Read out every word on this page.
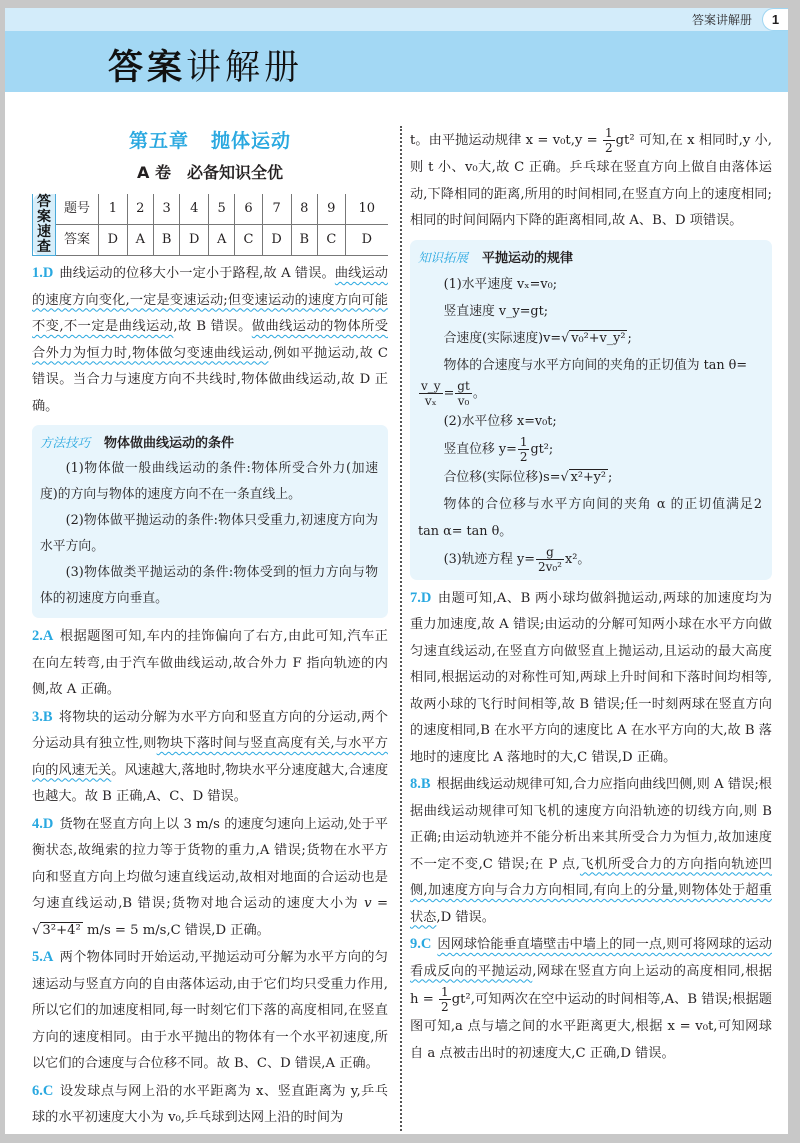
答案讲解册	1
答案讲解册
第五章 抛体运动
A 卷 必备知识全优
答案速查	题号	1	2	3	4	5	6	7	8	9	10
	答案	D	A	B	D	A	C	D	B	C	D

1.D 曲线运动的位移大小一定小于路程,故 A 错误。曲线运动的速度方向变化,一定是变速运动;但变速运动的速度方向可能不变,不一定是曲线运动,故 B 错误。做曲线运动的物体所受合外力为恒力时,物体做匀变速曲线运动,例如平抛运动,故 C 错误。当合力与速度方向不共线时,物体做曲线运动,故 D 正确。

方法技巧 物体做曲线运动的条件
(1)物体做一般曲线运动的条件:物体所受合外力(加速度)的方向与物体的速度方向不在一条直线上。
(2)物体做平抛运动的条件:物体只受重力,初速度方向为水平方向。
(3)物体做类平抛运动的条件:物体受到的恒力方向与物体的初速度方向垂直。

2.A 根据题图可知,车内的挂饰偏向了右方,由此可知,汽车正在向左转弯,由于汽车做曲线运动,故合外力 F 指向轨迹的内侧,故 A 正确。

3.B 将物块的运动分解为水平方向和竖直方向的分运动,两个分运动具有独立性,则物块下落时间与竖直高度有关,与水平方向的风速无关。风速越大,落地时,物块水平分速度越大,合速度也越大。故 B 正确,A、C、D 错误。

4.D 货物在竖直方向上以 3 m/s 的速度匀速向上运动,处于平衡状态,故绳索的拉力等于货物的重力,A 错误;货物在水平方向和竖直方向上均做匀速直线运动,故相对地面的合运动也是匀速直线运动,B 错误;货物对地合运动的速度大小为 v = √ 3²+4² m/s = 5 m/s,C 错误,D 正确。

5.A 两个物体同时开始运动,平抛运动可分解为水平方向的匀速运动与竖直方向的自由落体运动,由于它们均只受重力作用,所以它们的加速度相同,每一时刻它们下落的高度相同,在竖直方向的速度相同。由于水平抛出的物体有一个水平初速度,所以它们的合速度与合位移不同。故 B、C、D 错误,A 正确。

6.C 设发球点与网上沿的水平距离为 x、竖直距离为 y,乒乓球的水平初速度大小为 v₀,乒乓球到达网上沿的时间为

t。由平抛运动规律 $x = v_0t,y = \frac{1}{2} gt^2$ 可知,在 x 相同时,y 小,则 t 小、v₀大,故 C 正确。乒乓球在竖直方向上做自由落体运动,下降相同的距离,所用的时间相同,在竖直方向上的速度相同;相同的时间间隔内下降的距离相同,故 A、B、D 项错误。

知识拓展 平抛运动的规律
(1)水平速度 vₓ=v₀;
竖直速度 v_y=gt;
合速度(实际速度)v=√ v₀²+v_y² ;
物体的合速度与水平方向间的夹角的正切值为 tan θ=
$\frac{v\_y}{\text{vₓ}} = \frac{gt}{\text{v₀}}$ 。
(2)水平位移 x=v₀t;
竖直位移 $y= \frac{1}{2} gt^2$;
合位移(实际位移)s=√ x²+y² ;
物体的合位移与水平方向间的夹角 α 的正切值满足2 tan α= tan θ。
(3)轨迹方程 $y= \frac{g}{\text{2v₀²}} x^2$。

7.D 由题可知,A、B 两小球均做斜抛运动,两球的加速度均为重力加速度,故 A 错误;由运动的分解可知两小球在水平方向做匀速直线运动,在竖直方向做竖直上抛运动,且运动的最大高度相同,根据运动的对称性可知,两球上升时间和下落时间均相等,故两小球的飞行时间相等,故 B 错误;任一时刻两球在竖直方向的速度相同,B 在水平方向的速度比 A 在水平方向的大,故 B 落地时的速度比 A 落地时的大,C 错误,D 正确。

8.B 根据曲线运动规律可知,合力应指向曲线凹侧,则 A 错误;根据曲线运动规律可知飞机的速度方向沿轨迹的切线方向,则 B 正确;由运动轨迹并不能分析出来其所受合力为恒力,故加速度不一定不变,C 错误;在 P 点,飞机所受合力的方向指向轨迹凹侧,加速度方向与合力方向相同,有向上的分量,则物体处于超重状态,D 错误。

9.C 因网球恰能垂直墙壁击中墙上的同一点,则可将网球的运动看成反向的平抛运动,网球在竖直方向上运动的高度相同,根据 $h = \frac{1}{2} gt^2$,可知两次在空中运动的时间相等,A、B 错误;根据题图可知,a 点与墙之间的水平距离更大,根据 x = v₀t,可知网球自 a 点被击出时的初速度大,C 正确,D 错误。
